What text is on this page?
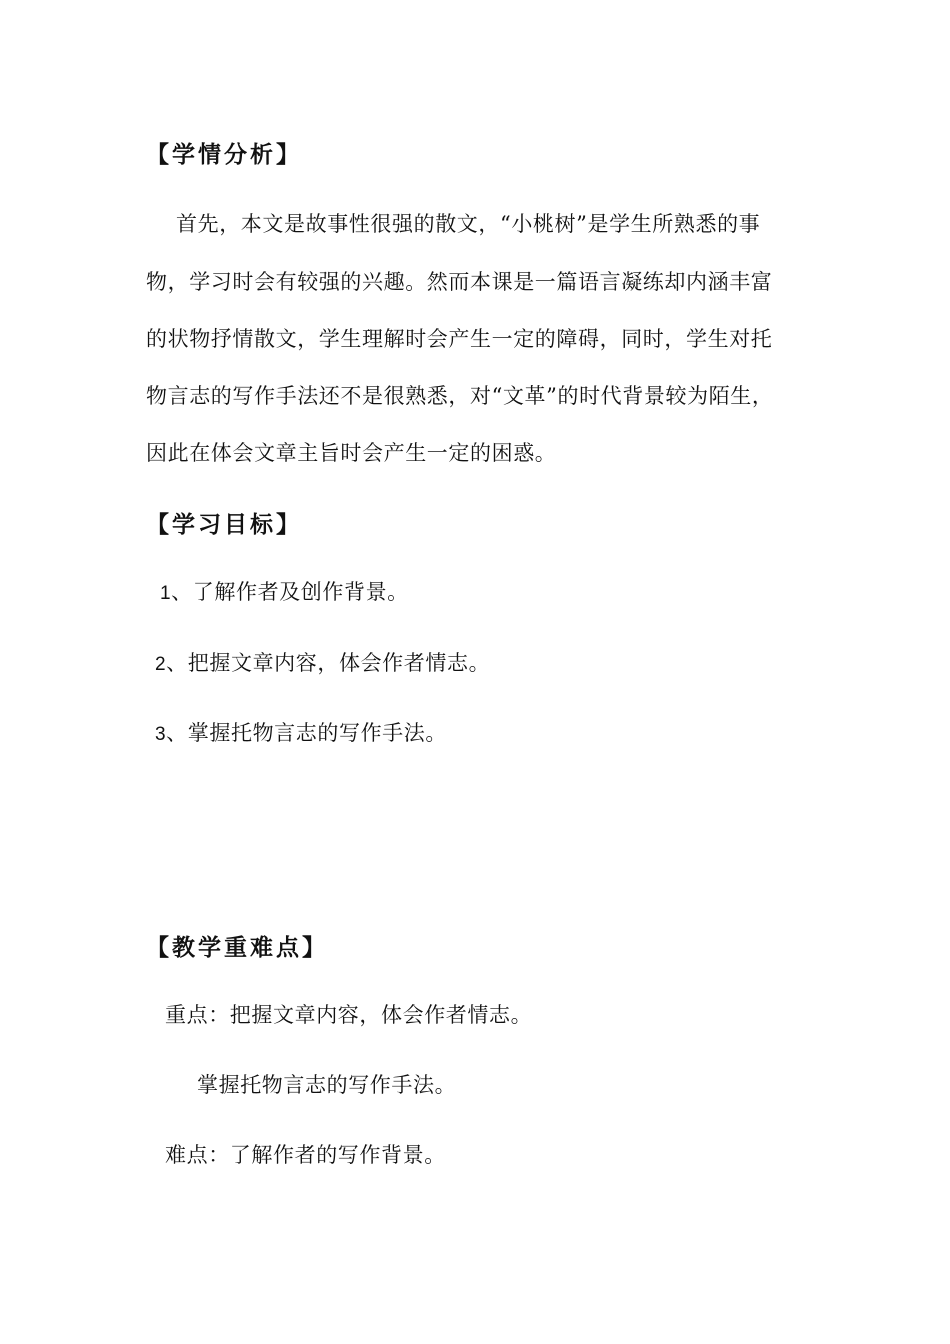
【学情分析】
首先，本文是故事性很强的散文，“小桃树”是学生所熟悉的事
物，学习时会有较强的兴趣。然而本课是一篇语言凝练却内涵丰富
的状物抒情散文，学生理解时会产生一定的障碍，同时，学生对托
物言志的写作手法还不是很熟悉，对“文革”的时代背景较为陌生，
因此在体会文章主旨时会产生一定的困惑。
【学习目标】
1、了解作者及创作背景。
2、把握文章内容，体会作者情志。
3、掌握托物言志的写作手法。
【教学重难点】
重点：把握文章内容，体会作者情志。
掌握托物言志的写作手法。
难点：了解作者的写作背景。
